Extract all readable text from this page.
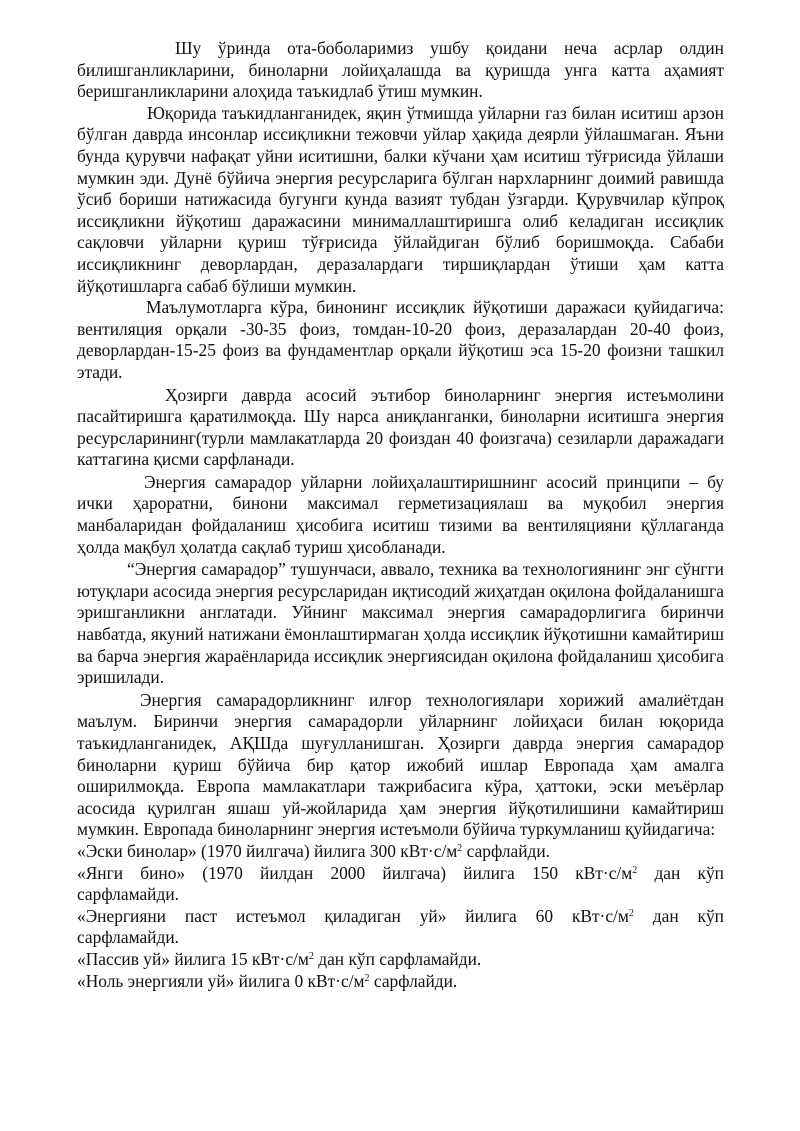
Шу ўринда ота-боболаримиз ушбу қоидани неча асрлар олдин билишганликларини, биноларни лойиҳалашда ва қуришда унга катта аҳамият беришганликларини алоҳида таъкидлаб ўтиш мумкин.

Юқорида таъкидланганидек, яқин ўтмишда уйларни газ билан иситиш арзон бўлган даврда инсонлар иссиқликни тежовчи уйлар ҳақида деярли ўйлашмаган. Яъни бунда қурувчи нафақат уйни иситишни, балки кўчани ҳам иситиш тўғрисида ўйлаши мумкин эди. Дунё бўйича энергия ресурсларига бўлган нархларнинг доимий равишда ўсиб бориши натижасида бугунги кунда вазият тубдан ўзгарди. Қурувчилар кўпроқ иссиқликни йўқотиш даражасини минималлаштиришга олиб келадиган иссиқлик сақловчи уйларни қуриш тўғрисида ўйлайдиган бўлиб боришмоқда. Сабаби иссиқликнинг деворлардан, деразалардаги тиршиқлардан ўтиши ҳам катта йўқотишларга сабаб бўлиши мумкин.

Маълумотларга кўра, бинонинг иссиқлик йўқотиши даражаси қуйидагича: вентиляция орқали -30-35 фоиз, томдан-10-20 фоиз, деразалардан 20-40 фоиз, деворлардан-15-25 фоиз ва фундаментлар орқали йўқотиш эса 15-20 фоизни ташкил этади.

Ҳозирги даврда асосий эътибор биноларнинг энергия истеъмолини пасайтиришга қаратилмоқда. Шу нарса аниқланганки, биноларни иситишга энергия ресурсларининг(турли мамлакатларда 20 фоиздан 40 фоизгача) сезиларли даражадаги каттагина қисми сарфланади.

Энергия самарадор уйларни лойиҳалаштиришнинг асосий принципи – бу ички ҳароратни, бинони максимал герметизациялаш ва муқобил энергия манбаларидан фойдаланиш ҳисобига иситиш тизими ва вентиляцияни қўллаганда ҳолда мақбул ҳолатда сақлаб туриш ҳисобланади.

“Энергия самарадор” тушунчаси, аввало, техника ва технологиянинг энг сўнгги ютуқлари асосида энергия ресурсларидан иқтисодий жиҳатдан оқилона фойдаланишга эришганликни англатади. Уйнинг максимал энергия самарадорлигига биринчи навбатда, якуний натижани ёмонлаштирмаган ҳолда иссиқлик йўқотишни камайтириш ва барча энергия жараёнларида иссиқлик энергиясидан оқилона фойдаланиш ҳисобига эришилади.

Энергия самарадорликнинг илғор технологиялари хорижий амалиётдан маълум. Биринчи энергия самарадорли уйларнинг лойиҳаси билан юқорида таъкидланганидек, АҚШда шуғулланишган. Ҳозирги даврда энергия самарадор биноларни қуриш бўйича бир қатор ижобий ишлар Европада ҳам амалга оширилмоқда. Европа мамлакатлари тажрибасига кўра, ҳаттоки, эски меъёрлар асосида қурилган яшаш уй-жойларида ҳам энергия йўқотилишини камайтириш мумкин. Европада биноларнинг энергия истеъмоли бўйича туркумланиш қуйидагича:

«Эски бинолар» (1970 йилгача) йилига 300 $кВт\cdot с/м^2$ сарфлайди.

«Янги бино» (1970 йилдан 2000 йилгача) йилига 150 $кВт\cdot с/м^2$ дан кўп

сарфламайди.

«Энергияни паст истеъмол қиладиган уй» йилига 60 $кВт\cdot с/м^2$ дан кўп

сарфламайди.

«Пассив уй» йилига 15 $кВт\cdot с/м^2$ дан кўп сарфламайди.

«Ноль энергияли уй» йилига 0 $кВт\cdot с/м^2$ сарфлайди.
